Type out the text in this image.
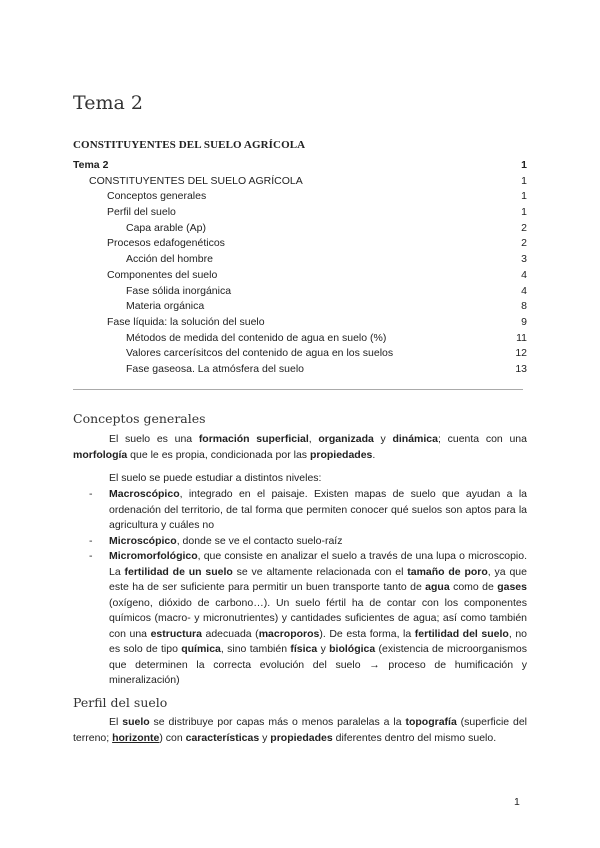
Tema 2
CONSTITUYENTES DEL SUELO AGRÍCOLA
Tema 2	1
CONSTITUYENTES DEL SUELO AGRÍCOLA	1
Conceptos generales	1
Perfil del suelo	1
Capa arable (Ap)	2
Procesos edafogenéticos	2
Acción del hombre	3
Componentes del suelo	4
Fase sólida inorgánica	4
Materia orgánica	8
Fase líquida: la solución del suelo	9
Métodos de medida del contenido de agua en suelo (%)	11
Valores carcerísitcos del contenido de agua en los suelos	12
Fase gaseosa. La atmósfera del suelo	13
Conceptos generales
El suelo es una formación superficial, organizada y dinámica; cuenta con una morfología que le es propia, condicionada por las propiedades.
El suelo se puede estudiar a distintos niveles:
- Macroscópico, integrado en el paisaje. Existen mapas de suelo que ayudan a la ordenación del territorio, de tal forma que permiten conocer qué suelos son aptos para la agricultura y cuáles no
- Microscópico, donde se ve el contacto suelo-raíz
- Micromorfológico, que consiste en analizar el suelo a través de una lupa o microscopio. La fertilidad de un suelo se ve altamente relacionada con el tamaño de poro, ya que este ha de ser suficiente para permitir un buen transporte tanto de agua como de gases (oxígeno, dióxido de carbono…). Un suelo fértil ha de contar con los componentes químicos (macro- y micronutrientes) y cantidades suficientes de agua; así como también con una estructura adecuada (macroporos). De esta forma, la fertilidad del suelo, no es solo de tipo química, sino también física y biológica (existencia de microorganismos que determinen la correcta evolución del suelo → proceso de humificación y mineralización)
Perfil del suelo
El suelo se distribuye por capas más o menos paralelas a la topografía (superficie del terreno; horizonte) con características y propiedades diferentes dentro del mismo suelo.
1
